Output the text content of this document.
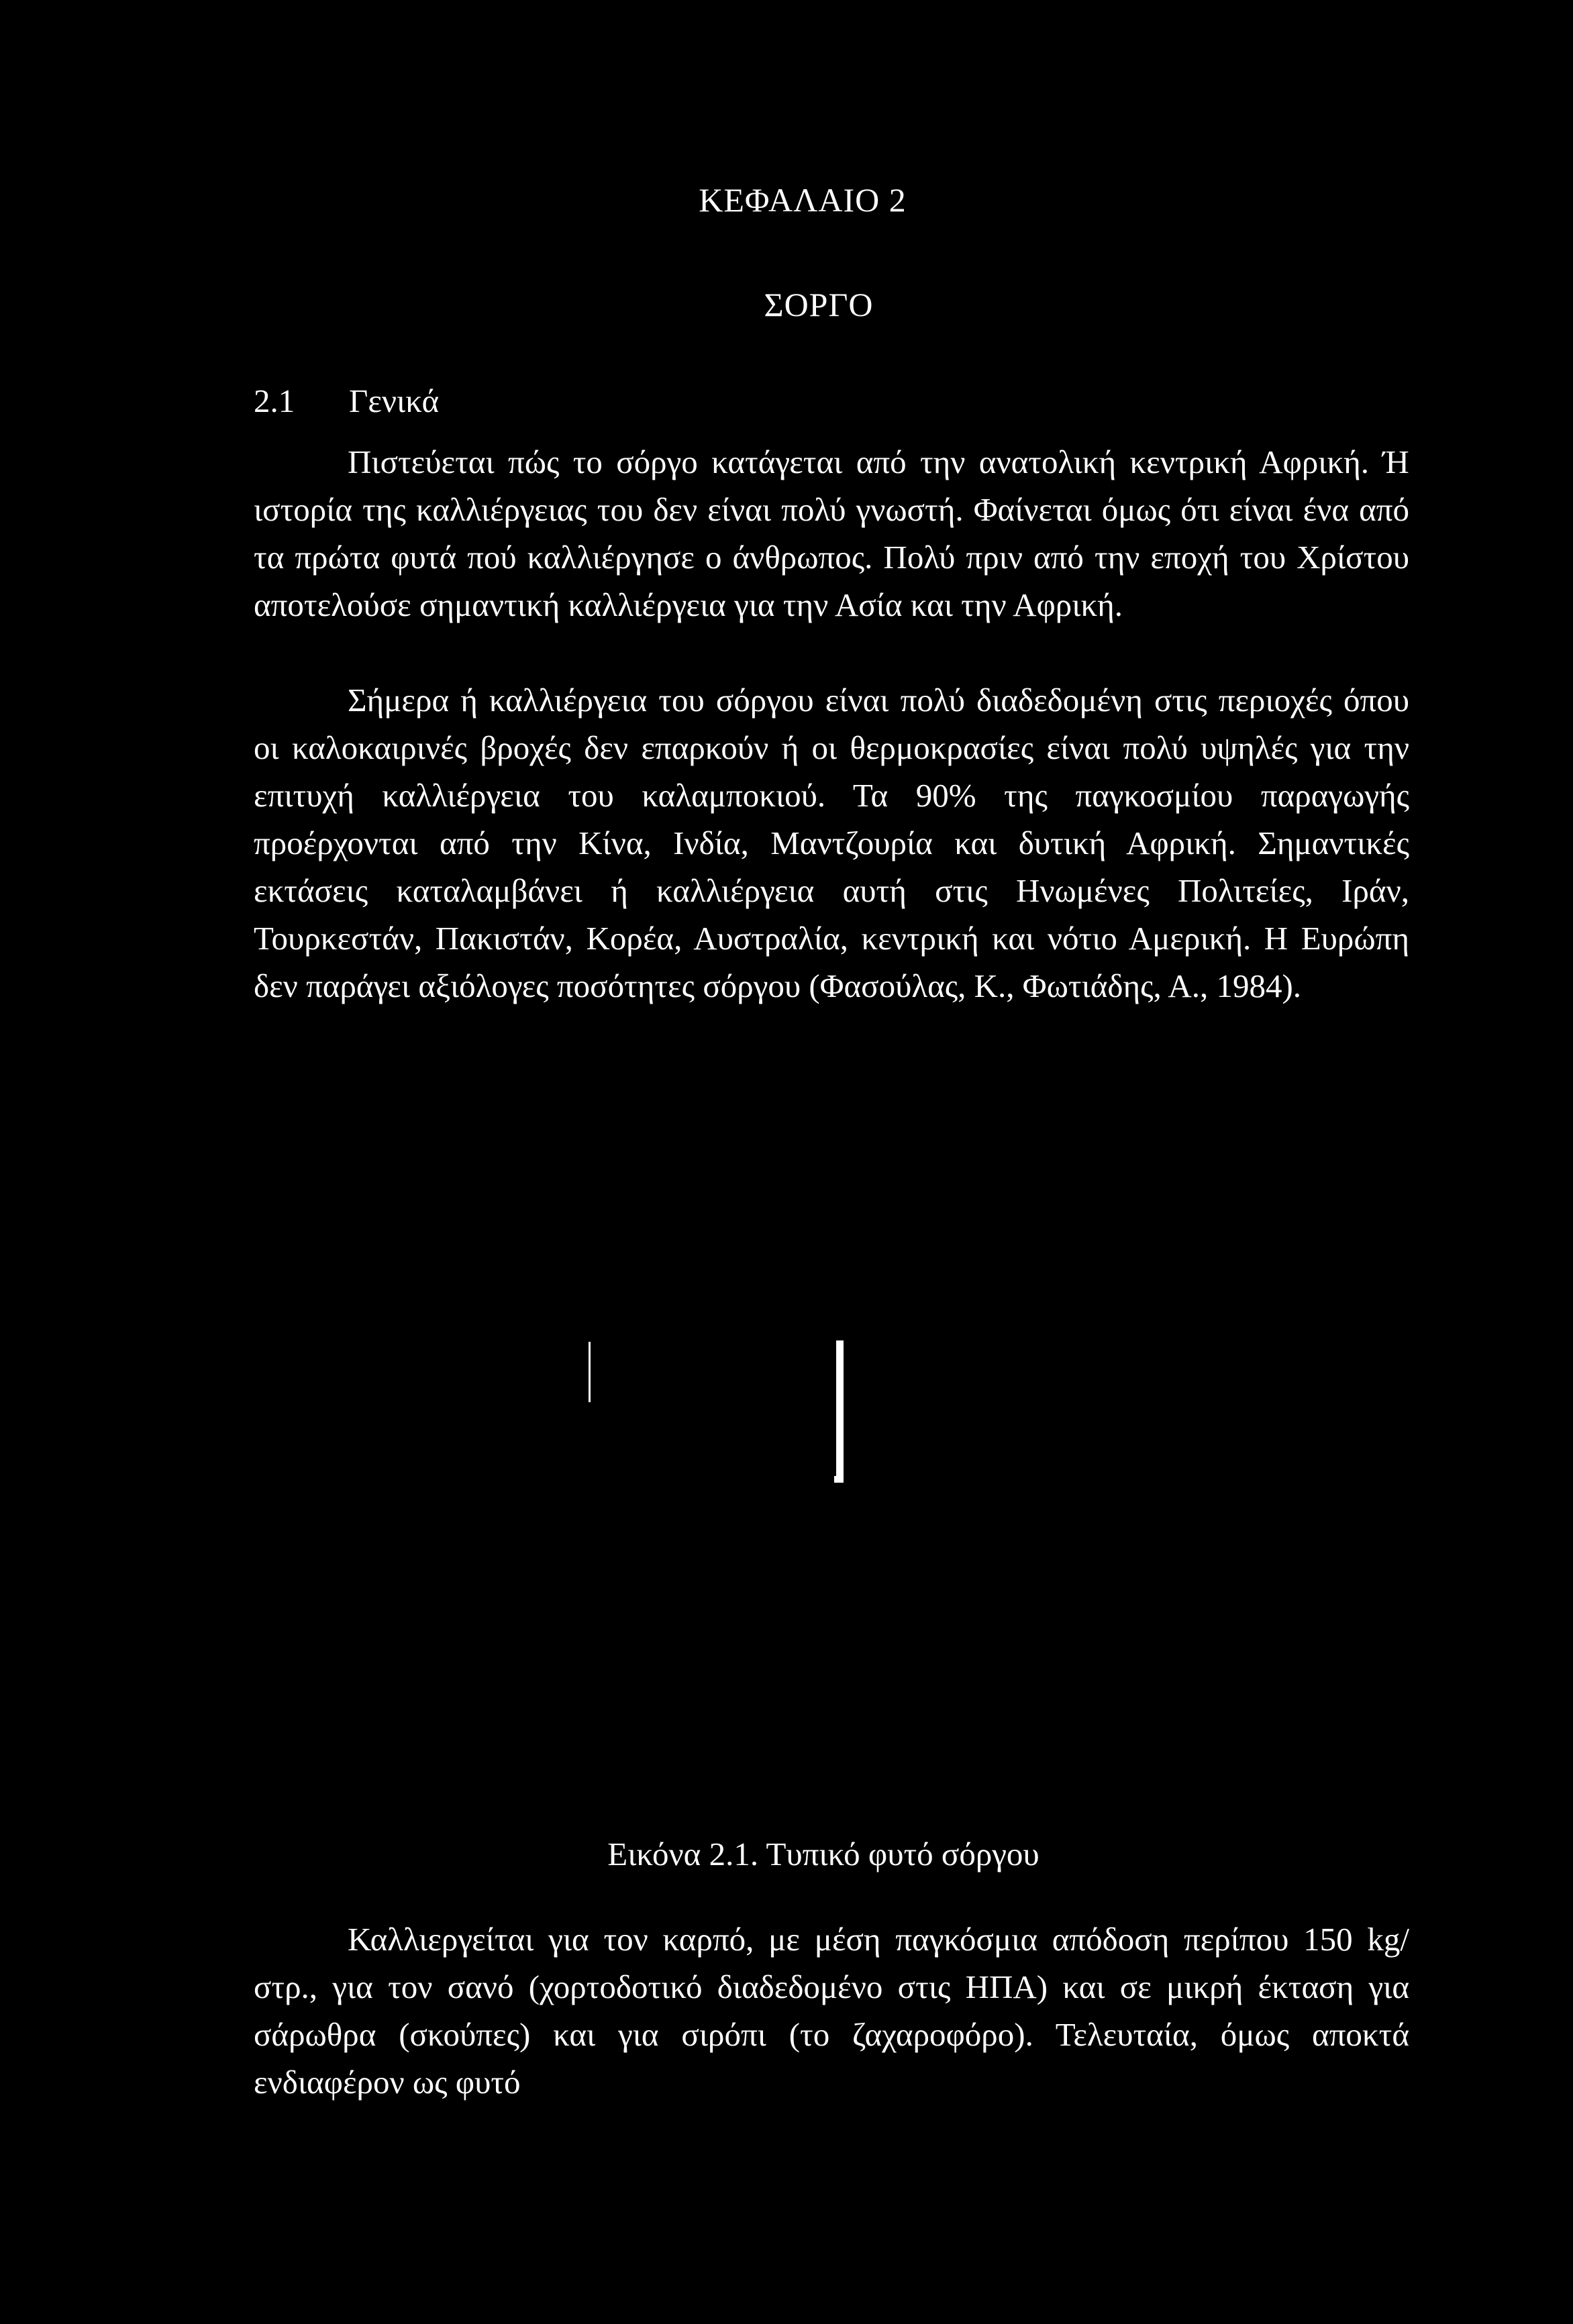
ΚΕΦΑΛΑΙΟ 2
ΣΟΡΓΟ
2.1 Γενικά

Πιστεύεται πώς το σόργο κατάγεται από την ανατολική κεντρική Αφρική. Ή ιστορία της καλλιέργειας του δεν είναι πολύ γνωστή. Φαίνεται όμως ότι είναι ένα από τα πρώτα φυτά πού καλλιέργησε ο άνθρωπος. Πολύ πριν από την εποχή του Χρίστου αποτελούσε σημαντική καλλιέργεια για την Ασία και την Αφρική.

Σήμερα ή καλλιέργεια του σόργου είναι πολύ διαδεδομένη στις περιοχές όπου οι καλοκαιρινές βροχές δεν επαρκούν ή οι θερμοκρασίες είναι πολύ υψηλές για την επιτυχή καλλιέργεια του καλαμποκιού. Τα 90% της παγκοσμίου παραγωγής προέρχονται από την Κίνα, Ινδία, Μαντζουρία και δυτική Αφρική. Σημαντικές εκτάσεις καταλαμβάνει ή καλλιέργεια αυτή στις Ηνωμένες Πολιτείες, Ιράν, Τουρκεστάν, Πακιστάν, Κορέα, Αυστραλία, κεντρική και νότιο Αμερική. Η Ευρώπη δεν παράγει αξιόλογες ποσότητες σόργου (Φασούλας, Κ., Φωτιάδης, Α., 1984).

Εικόνα 2.1. Τυπικό φυτό σόργου

Καλλιεργείται για τον καρπό, με μέση παγκόσμια απόδοση περίπου 150 kg/στρ., για τον σανό (χορτοδοτικό διαδεδομένο στις ΗΠΑ) και σε μικρή έκταση για σάρωθρα (σκούπες) και για σιρόπι (το ζαχαροφόρο). Τελευταία, όμως αποκτά ενδιαφέρον ως φυτό
